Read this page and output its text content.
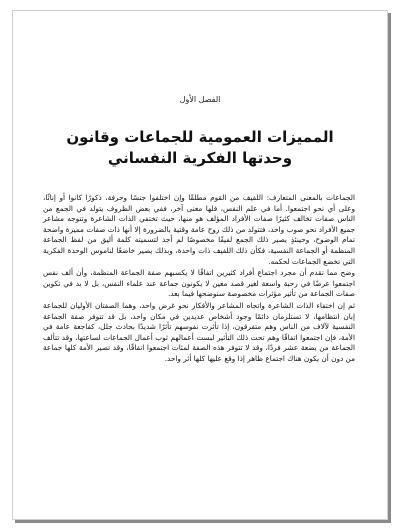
الفصل الأول
المميزات العمومية للجماعات وقانون
وحدتها الفكرية النفساني

الجماعات بالمعنى المتعارف: اللفيف من القوم مطلقًا وإن اختلفوا جنسًا وحرفة، ذكورًا كانوا أو إناثًا، وعلى أي نحو اجتمعوا. أما في علم النفس، فلها معنى آخر، ففي بعض الظروف يتولد في الجمع من الناس صفات تخالف كثيرًا صفات الأفراد المؤلف هو منها، حيث تختفي الذات الشاعرة وتتوجه مشاعر جميع الأفراد نحو صوب واحد، فتتولد من ذلك روح عامة وقتية بالضرورة إلا أنها ذات صفات مميزة واضحة تمام الوضوح، وحينئذٍ يصير ذلك الجمع لفيفًا مخصوصًا لم أجد لتسميته كلمة أليق من لفظ الجماعة المنظمة أو الجماعة النفسية، فكأن ذلك اللفيف ذات واحدة، وبذلك يصير خاضعًا لناموس الوحدة الفكرية التي تخضع الجماعات لحكمه.

وضح مما تقدم أن مجرد اجتماع أفراد كثيرين اتفاقًا لا يكسبهم صفة الجماعة المنظمة، وأن ألف نفس اجتمعوا عرضًا في رحبة واسعة لغير قصد معين لا يكونون جماعة عند علماء النفس، بل لا بد في تكوين صفات الجماعة من تأثير مؤثرات مخصوصة سنوضحها فيما بعد.

ثم إن اختفاء الذات الشاعرة واتجاه المشاعر والأفكار نحو غرض واحد، وهما الصفتان الأوليان للجماعة إبان انتظامها، لا تستلزمان دائمًا وجود أشخاص عديدين في مكان واحد، بل قد تتوفر صفة الجماعة النفسية لآلاف من الناس وهم متفرقون، إذا تأثرت نفوسهم تأثرًا شديدًا بحادث جلل، كفاجعة عامة في الأمة، فإن اجتمعوا اتفاقًا وهم تحت ذلك التأثير لبست أعمالهم ثوب أعمال الجماعات لساعتها، وقد تتألف الجماعة من بضعة عشر فردًا، وقد لا تتوفر هذه الصفة لمئات اجتمعوا اتفاقًا، وقد تصير الأمة كلها جماعة من دون أن يكون هناك اجتماع ظاهر إذا وقع عليها كلها أثر واحد.
